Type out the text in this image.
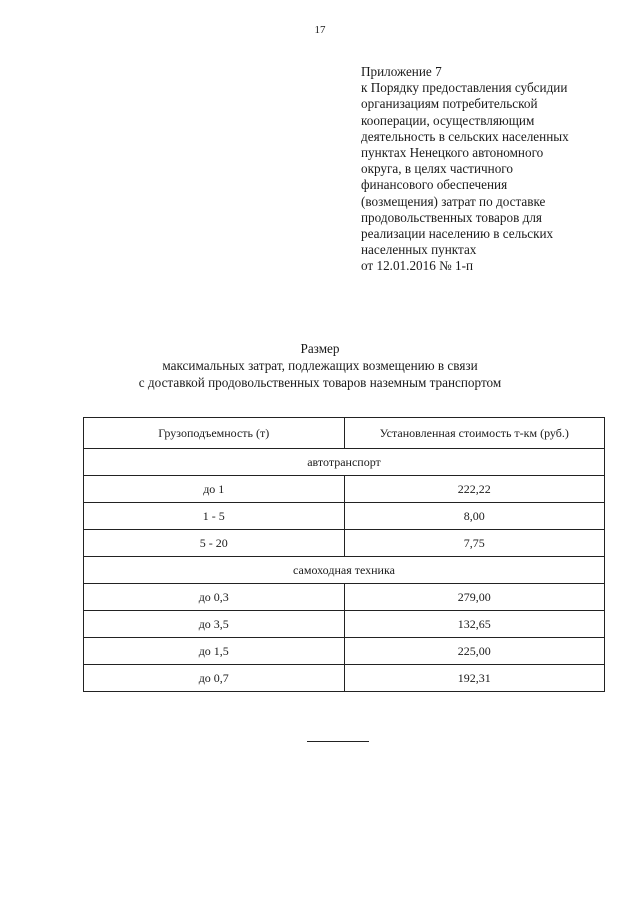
17
Приложение 7
к Порядку предоставления субсидии
организациям потребительской
кооперации, осуществляющим
деятельность в сельских населенных
пунктах Ненецкого автономного
округа, в целях частичного
финансового обеспечения
(возмещения) затрат по доставке
продовольственных товаров для
реализации населению в сельских
населенных пунктах
от 12.01.2016 № 1-п
Размер
максимальных затрат, подлежащих возмещению в связи
с доставкой продовольственных товаров наземным транспортом
Грузоподъемность (т)	Установленная стоимость т-км (руб.)
автотранспорт	
до 1	222,22
1 - 5	8,00
5 - 20	7,75
самоходная техника	
до 0,3	279,00
до 3,5	132,65
до 1,5	225,00
до 0,7	192,31
